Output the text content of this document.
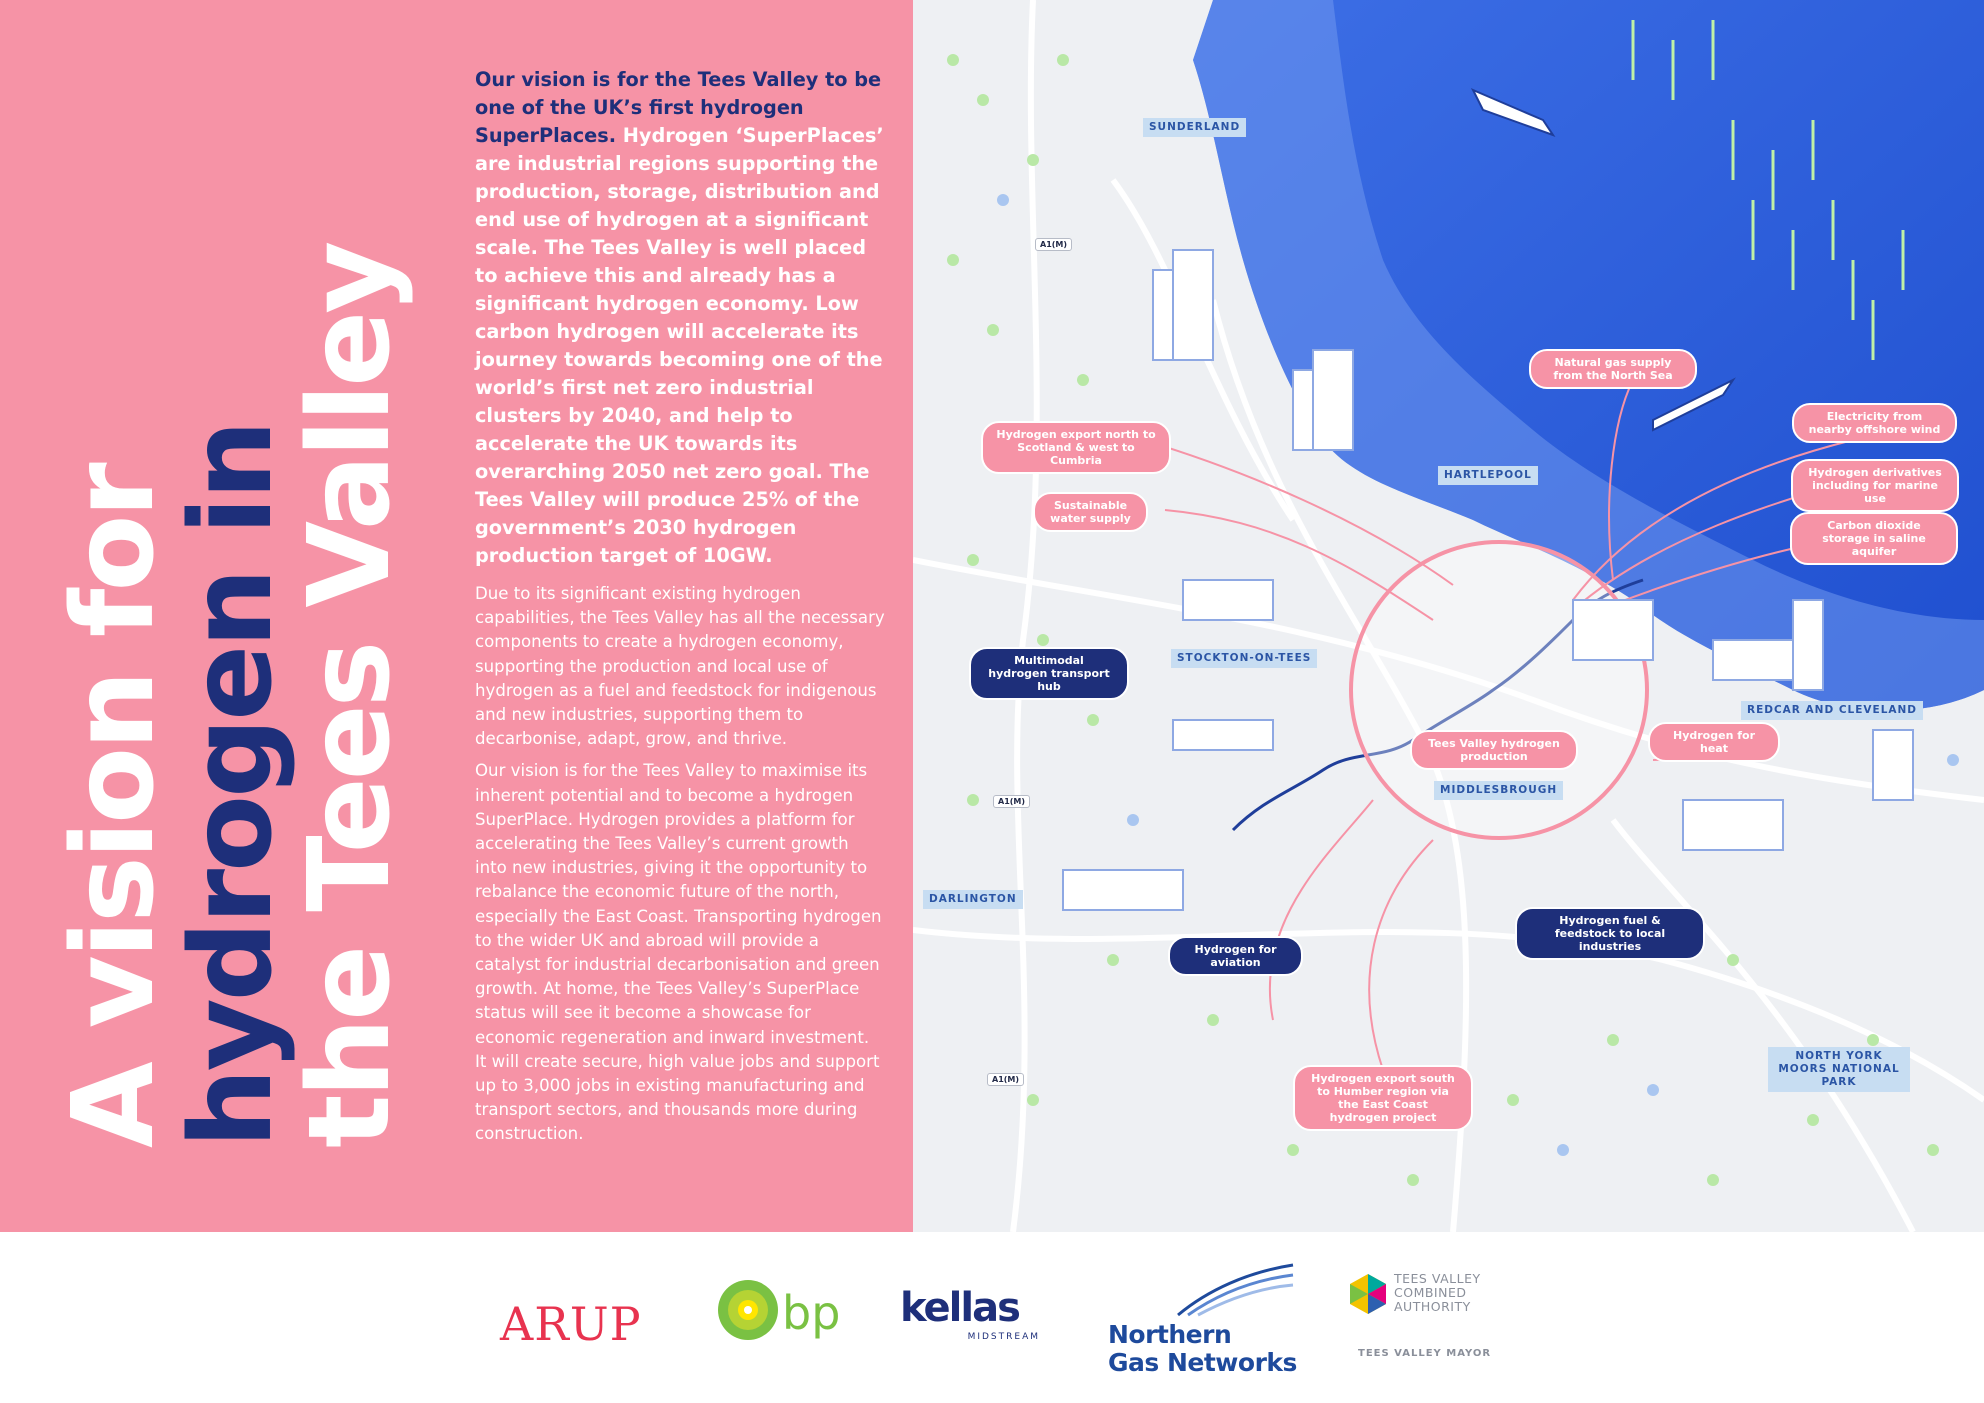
A vision for
hydrogen in
the Tees Valley

Our vision is for the Tees Valley to be one of the UK’s first hydrogen SuperPlaces. Hydrogen ‘SuperPlaces’ are industrial regions supporting the production, storage, distribution and end use of hydrogen at a significant scale. The Tees Valley is well placed to achieve this and already has a significant hydrogen economy. Low carbon hydrogen will accelerate its journey towards becoming one of the world’s first net zero industrial clusters by 2040, and help to accelerate the UK towards its overarching 2050 net zero goal. The Tees Valley will produce 25% of the government’s 2030 hydrogen production target of 10GW.

Due to its significant existing hydrogen capabilities, the Tees Valley has all the necessary components to create a hydrogen economy, supporting the production and local use of hydrogen as a fuel and feedstock for indigenous and new industries, supporting them to decarbonise, adapt, grow, and thrive.

Our vision is for the Tees Valley to maximise its inherent potential and to become a hydrogen SuperPlace. Hydrogen provides a platform for accelerating the Tees Valley’s current growth into new industries, giving it the opportunity to rebalance the economic future of the north, especially the East Coast. Transporting hydrogen to the wider UK and abroad will provide a catalyst for industrial decarbonisation and green growth. At home, the Tees Valley’s SuperPlace status will see it become a showcase for economic regeneration and inward investment. It will create secure, high value jobs and support up to 3,000 jobs in existing manufacturing and transport sectors, and thousands more during construction.

SUNDERLAND
HARTLEPOOL
STOCKTON-ON-TEES
REDCAR AND CLEVELAND
MIDDLESBROUGH
DARLINGTON
NORTH YORK MOORS NATIONAL PARK
A1(M)
A1(M)
A1(M)
Hydrogen export north to Scotland & west to Cumbria
Sustainable water supply
Multimodal hydrogen transport hub
Hydrogen for aviation
Tees Valley hydrogen production
Natural gas supply from the North Sea
Electricity from nearby offshore wind
Hydrogen derivatives including for marine use
Carbon dioxide storage in saline aquifer
Hydrogen for heat
Hydrogen fuel & feedstock to local industries
Hydrogen export south to Humber region via the East Coast hydrogen project
ARUP	bp kellas
MIDSTREAM	Northern
Gas Networks
TEES VALLEY
COMBINED
AUTHORITY
TEES VALLEY MAYOR
